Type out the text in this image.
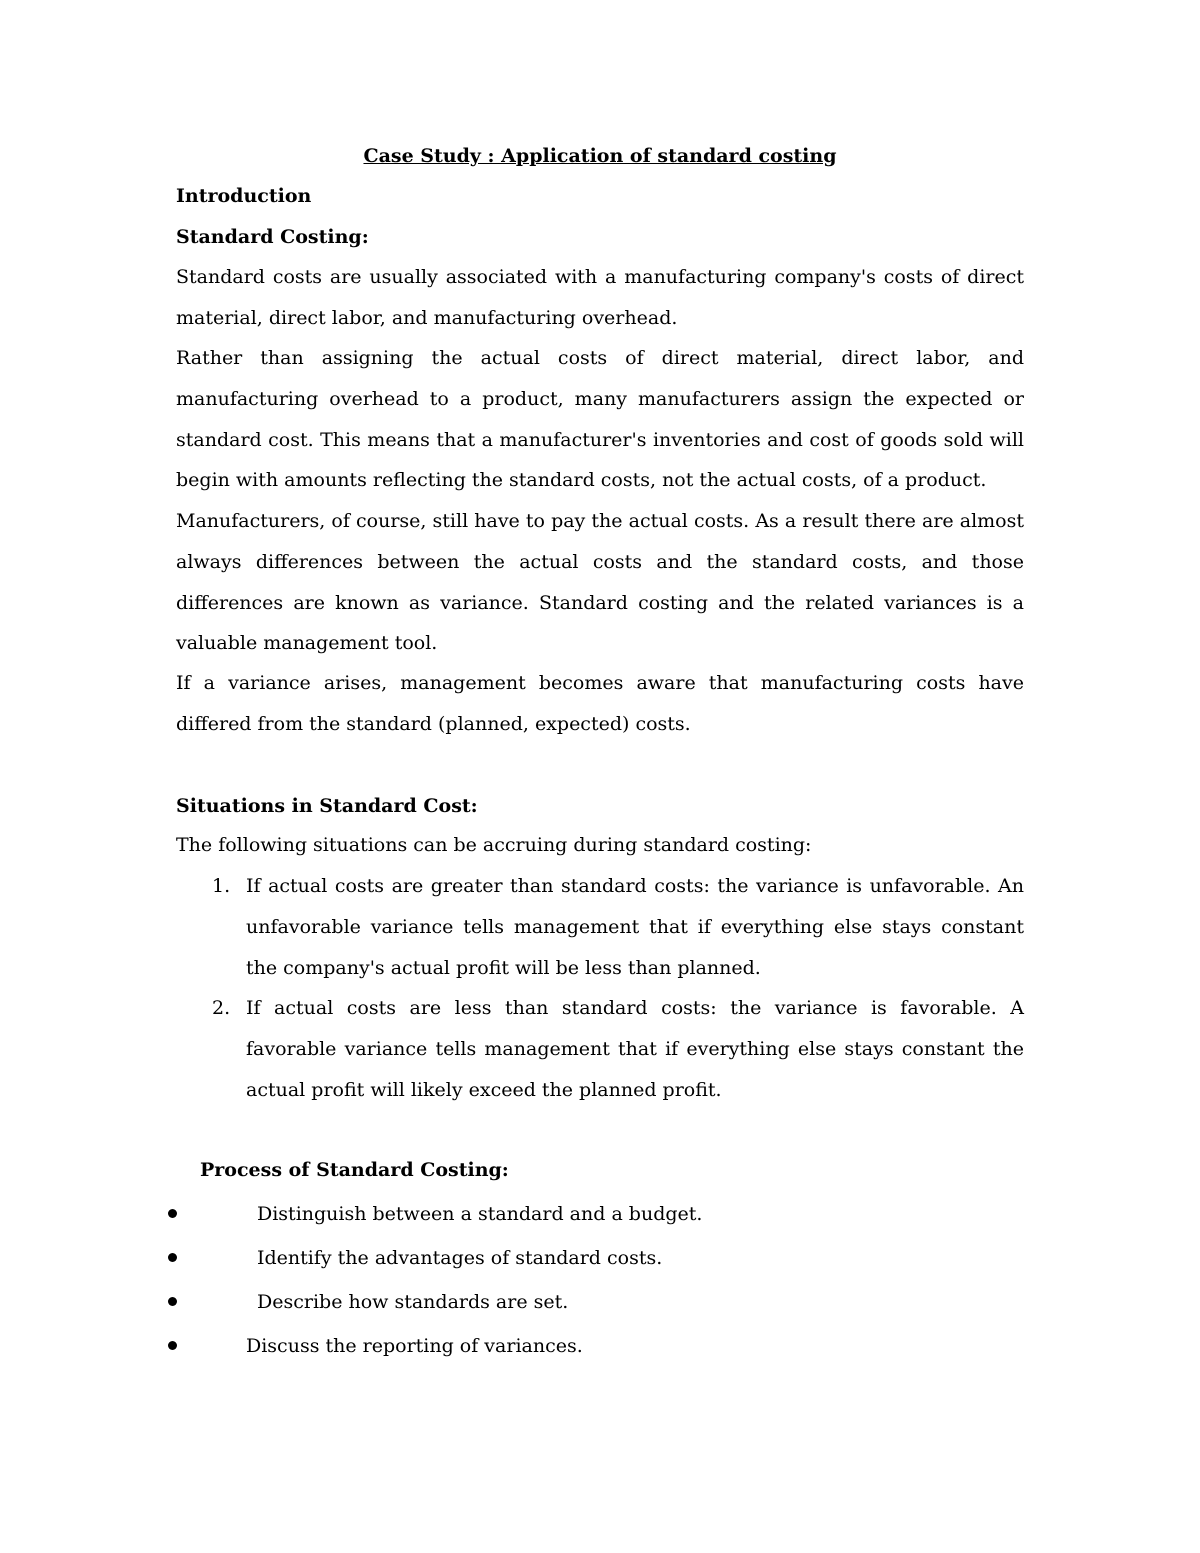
Case Study : Application of standard costing
Introduction
Standard Costing:

Standard costs are usually associated with a manufacturing company's costs of direct material, direct labor, and manufacturing overhead.

Rather than assigning the actual costs of direct material, direct labor, and manufacturing overhead to a product, many manufacturers assign the expected or standard cost. This means that a manufacturer's inventories and cost of goods sold will begin with amounts reflecting the standard costs, not the actual costs, of a product.

Manufacturers, of course, still have to pay the actual costs. As a result there are almost always differences between the actual costs and the standard costs, and those differences are known as variance. Standard costing and the related variances is a valuable management tool.

If a variance arises, management becomes aware that manufacturing costs have differed from the standard (planned, expected) costs.

Situations in Standard Cost:

The following situations can be accruing during standard costing:

1. If actual costs are greater than standard costs: the variance is unfavorable. An unfavorable variance tells management that if everything else stays constant the company's actual profit will be less than planned.
2. If actual costs are less than standard costs: the variance is favorable. A favorable variance tells management that if everything else stays constant the actual profit will likely exceed the planned profit.
Process of Standard Costing:
Distinguish between a standard and a budget.
Identify the advantages of standard costs.
Describe how standards are set.
Discuss the reporting of variances.
